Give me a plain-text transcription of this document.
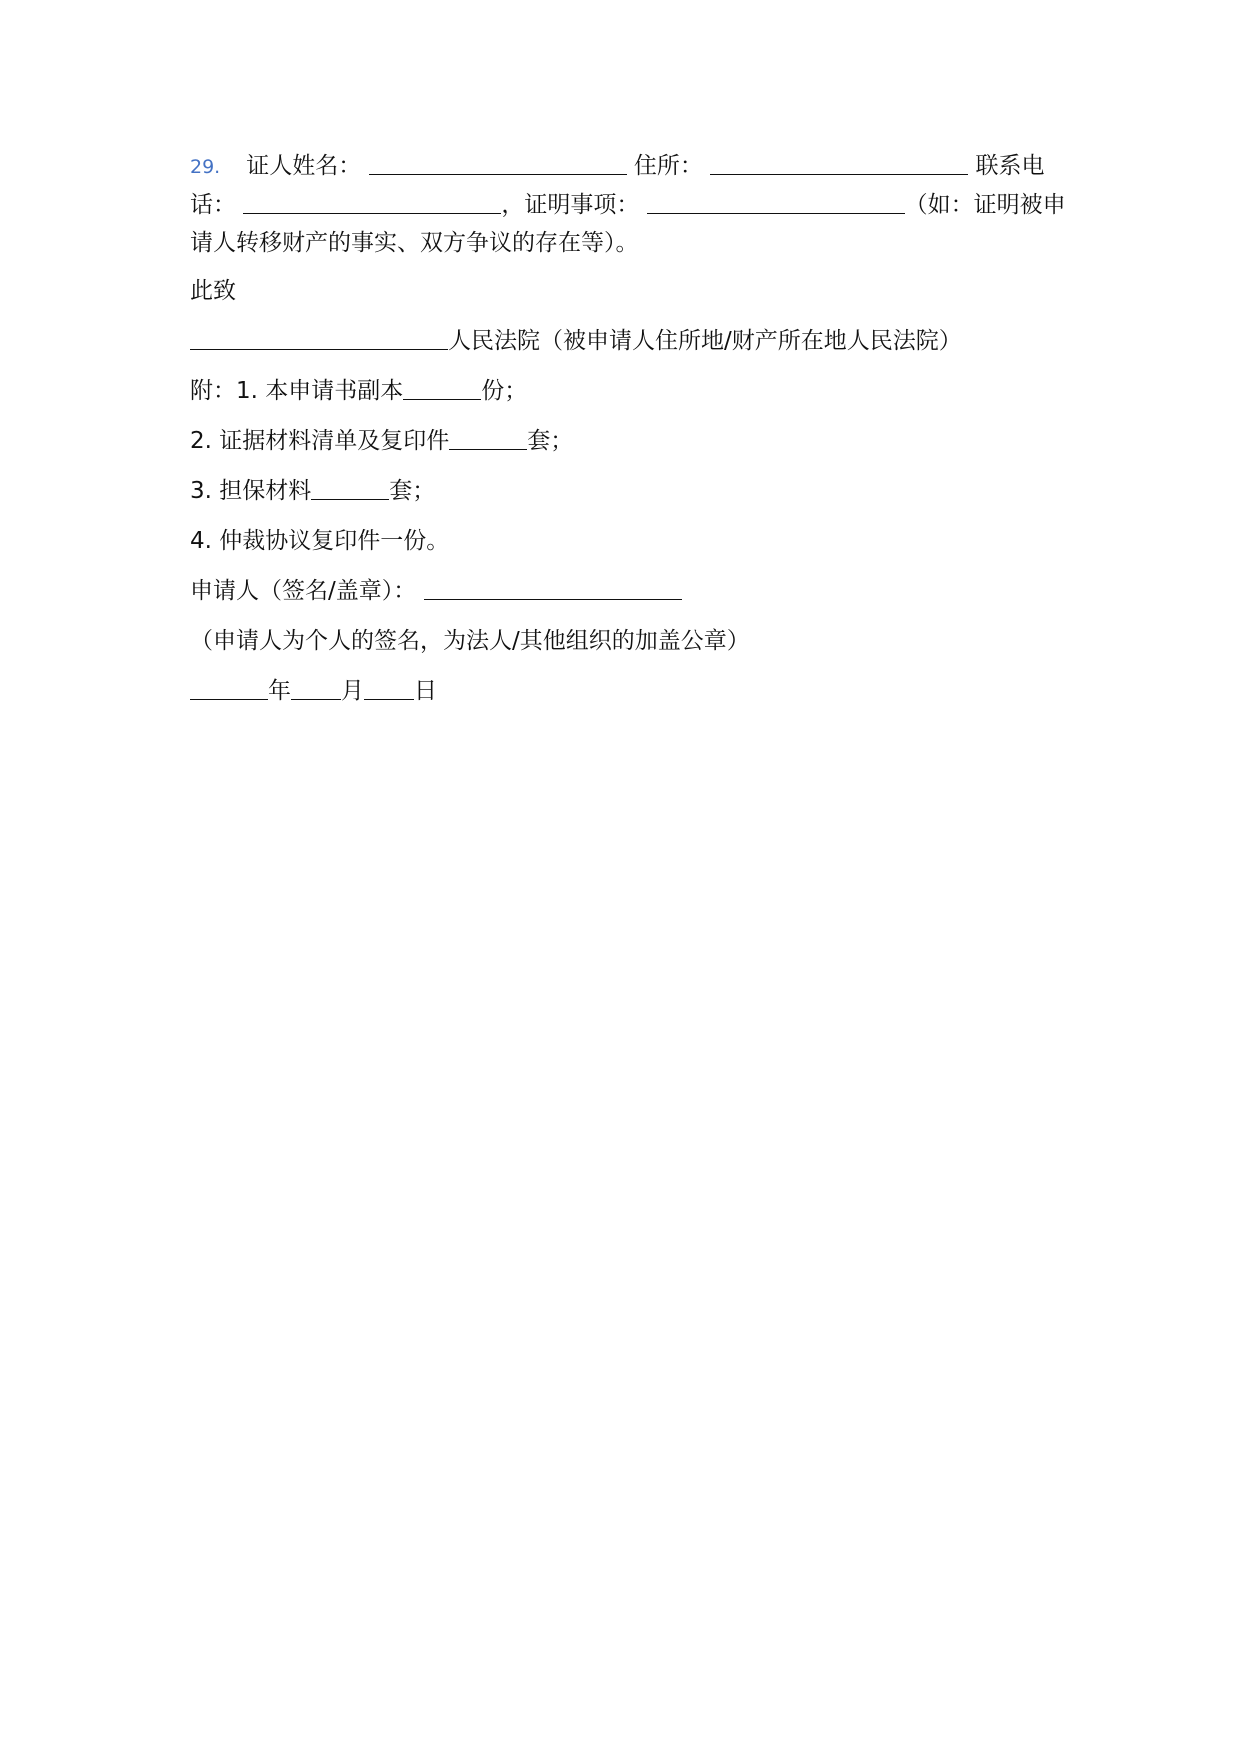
29. 证人姓名：	住所：	联系电
话：	，证明事项：	（如：证明被申请人转移财产的事实、双方争议的存在等）。

此致

人民法院（被申请人住所地/财产所在地人民法院）

附：1. 本申请书副本	份；

2. 证据材料清单及复印件	套；

3. 担保材料	套；

4. 仲裁协议复印件一份。

申请人（签名/盖章）：

（申请人为个人的签名，为法人/其他组织的加盖公章）

年 月 日
